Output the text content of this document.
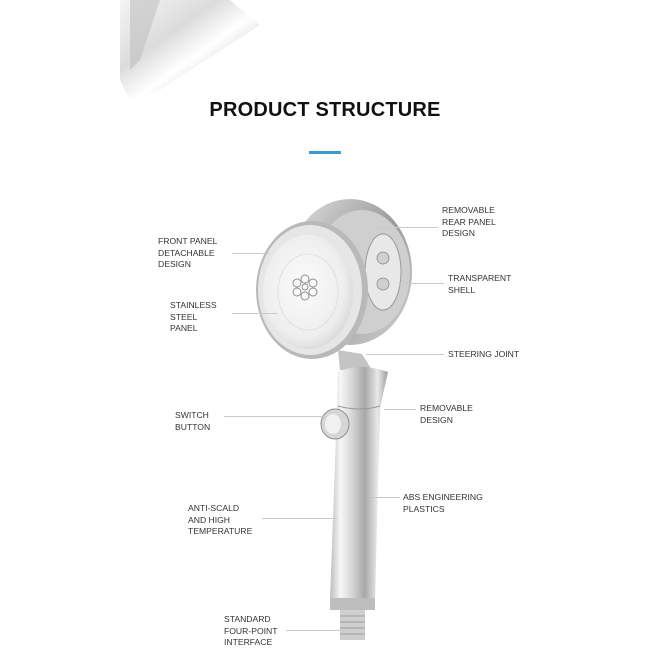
PRODUCT STRUCTURE
FRONT PANEL
DETACHABLE
DESIGN
STAINLESS
STEEL
PANEL
SWITCH
BUTTON
ANTI-SCALD
AND HIGH
TEMPERATURE
STANDARD
FOUR-POINT
INTERFACE
REMOVABLE
REAR PANEL
DESIGN
TRANSPARENT
SHELL
STEERING JOINT
REMOVABLE
DESIGN
ABS ENGINEERING
PLASTICS
